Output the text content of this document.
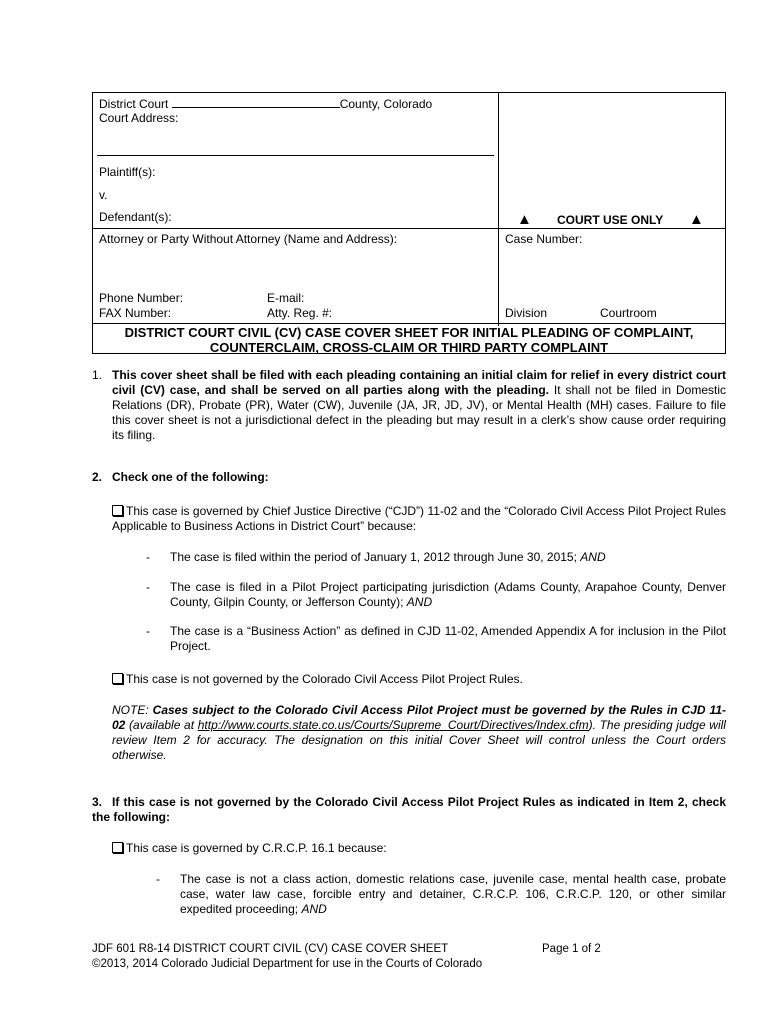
District Court	County, Colorado
Court Address:
Plaintiff(s):
v.
Defendant(s):	▲ COURT USE ONLY ▲
Attorney or Party Without Attorney (Name and Address):	Case Number:
Phone Number:	E-mail:
FAX Number:	Atty. Reg. #:	Division	Courtroom
DISTRICT COURT CIVIL (CV) CASE COVER SHEET FOR INITIAL PLEADING OF COMPLAINT,
COUNTERCLAIM, CROSS-CLAIM OR THIRD PARTY COMPLAINT
1. This cover sheet shall be filed with each pleading containing an initial claim for relief in every district court civil (CV) case, and shall be served on all parties along with the pleading. It shall not be filed in Domestic Relations (DR), Probate (PR), Water (CW), Juvenile (JA, JR, JD, JV), or Mental Health (MH) cases. Failure to file this cover sheet is not a jurisdictional defect in the pleading but may result in a clerk’s show cause order requiring its filing.
2. Check one of the following:
This case is governed by Chief Justice Directive (“CJD”) 11-02 and the “Colorado Civil Access Pilot Project Rules Applicable to Business Actions in District Court” because:
- The case is filed within the period of January 1, 2012 through June 30, 2015; AND
- The case is filed in a Pilot Project participating jurisdiction (Adams County, Arapahoe County, Denver County, Gilpin County, or Jefferson County); AND
- The case is a “Business Action” as defined in CJD 11-02, Amended Appendix A for inclusion in the Pilot Project.
This case is not governed by the Colorado Civil Access Pilot Project Rules.
NOTE: Cases subject to the Colorado Civil Access Pilot Project must be governed by the Rules in CJD 11-02 (available at http://www.courts.state.co.us/Courts/Supreme_Court/Directives/Index.cfm). The presiding judge will review Item 2 for accuracy. The designation on this initial Cover Sheet will control unless the Court orders otherwise.
3. If this case is not governed by the Colorado Civil Access Pilot Project Rules as indicated in Item 2, check the following:
This case is governed by C.R.C.P. 16.1 because:
- The case is not a class action, domestic relations case, juvenile case, mental health case, probate case, water law case, forcible entry and detainer, C.R.C.P. 106, C.R.C.P. 120, or other similar expedited proceeding; AND
JDF 601 R8-14 DISTRICT COURT CIVIL (CV) CASE COVER SHEET	Page 1 of 2
©2013, 2014 Colorado Judicial Department for use in the Courts of Colorado
